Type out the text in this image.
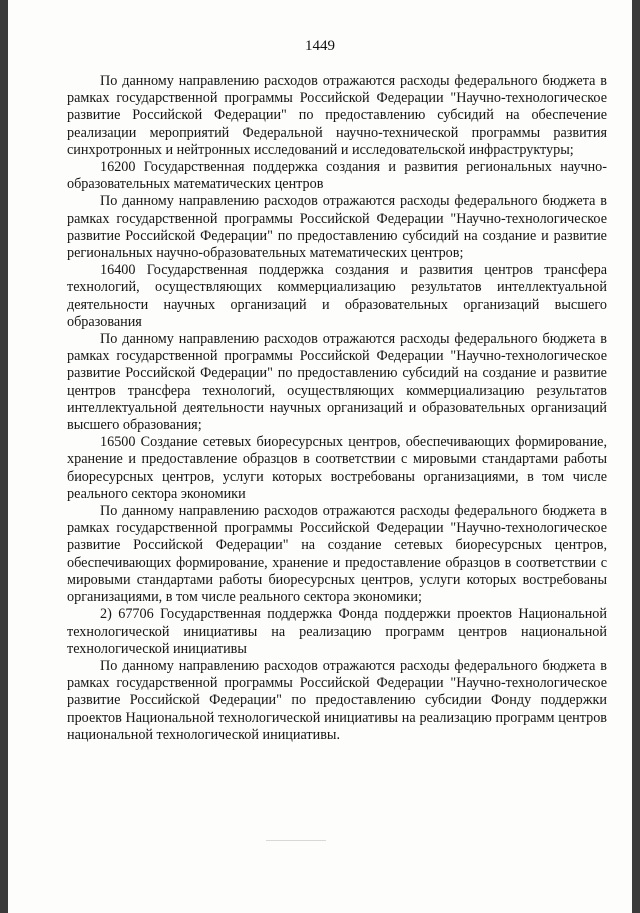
1449

По данному направлению расходов отражаются расходы федерального бюджета в рамках государственной программы Российской Федерации "Научно-технологическое развитие Российской Федерации" по предоставлению субсидий на обеспечение реализации мероприятий Федеральной научно-технической программы развития синхротронных и нейтронных исследований и исследовательской инфраструктуры;

16200 Государственная поддержка создания и развития региональных научно-образовательных математических центров

По данному направлению расходов отражаются расходы федерального бюджета в рамках государственной программы Российской Федерации "Научно-технологическое развитие Российской Федерации" по предоставлению субсидий на создание и развитие региональных научно-образовательных математических центров;

16400 Государственная поддержка создания и развития центров трансфера технологий, осуществляющих коммерциализацию результатов интеллектуальной деятельности научных организаций и образовательных организаций высшего образования

По данному направлению расходов отражаются расходы федерального бюджета в рамках государственной программы Российской Федерации "Научно-технологическое развитие Российской Федерации" по предоставлению субсидий на создание и развитие центров трансфера технологий, осуществляющих коммерциализацию результатов интеллектуальной деятельности научных организаций и образовательных организаций высшего образования;

16500 Создание сетевых биоресурсных центров, обеспечивающих формирование, хранение и предоставление образцов в соответствии с мировыми стандартами работы биоресурсных центров, услуги которых востребованы организациями, в том числе реального сектора экономики

По данному направлению расходов отражаются расходы федерального бюджета в рамках государственной программы Российской Федерации "Научно-технологическое развитие Российской Федерации" на создание сетевых биоресурсных центров, обеспечивающих формирование, хранение и предоставление образцов в соответствии с мировыми стандартами работы биоресурсных центров, услуги которых востребованы организациями, в том числе реального сектора экономики;

2) 67706 Государственная поддержка Фонда поддержки проектов Национальной технологической инициативы на реализацию программ центров национальной технологической инициативы

По данному направлению расходов отражаются расходы федерального бюджета в рамках государственной программы Российской Федерации "Научно-технологическое развитие Российской Федерации" по предоставлению субсидии Фонду поддержки проектов Национальной технологической инициативы на реализацию программ центров национальной технологической инициативы.
